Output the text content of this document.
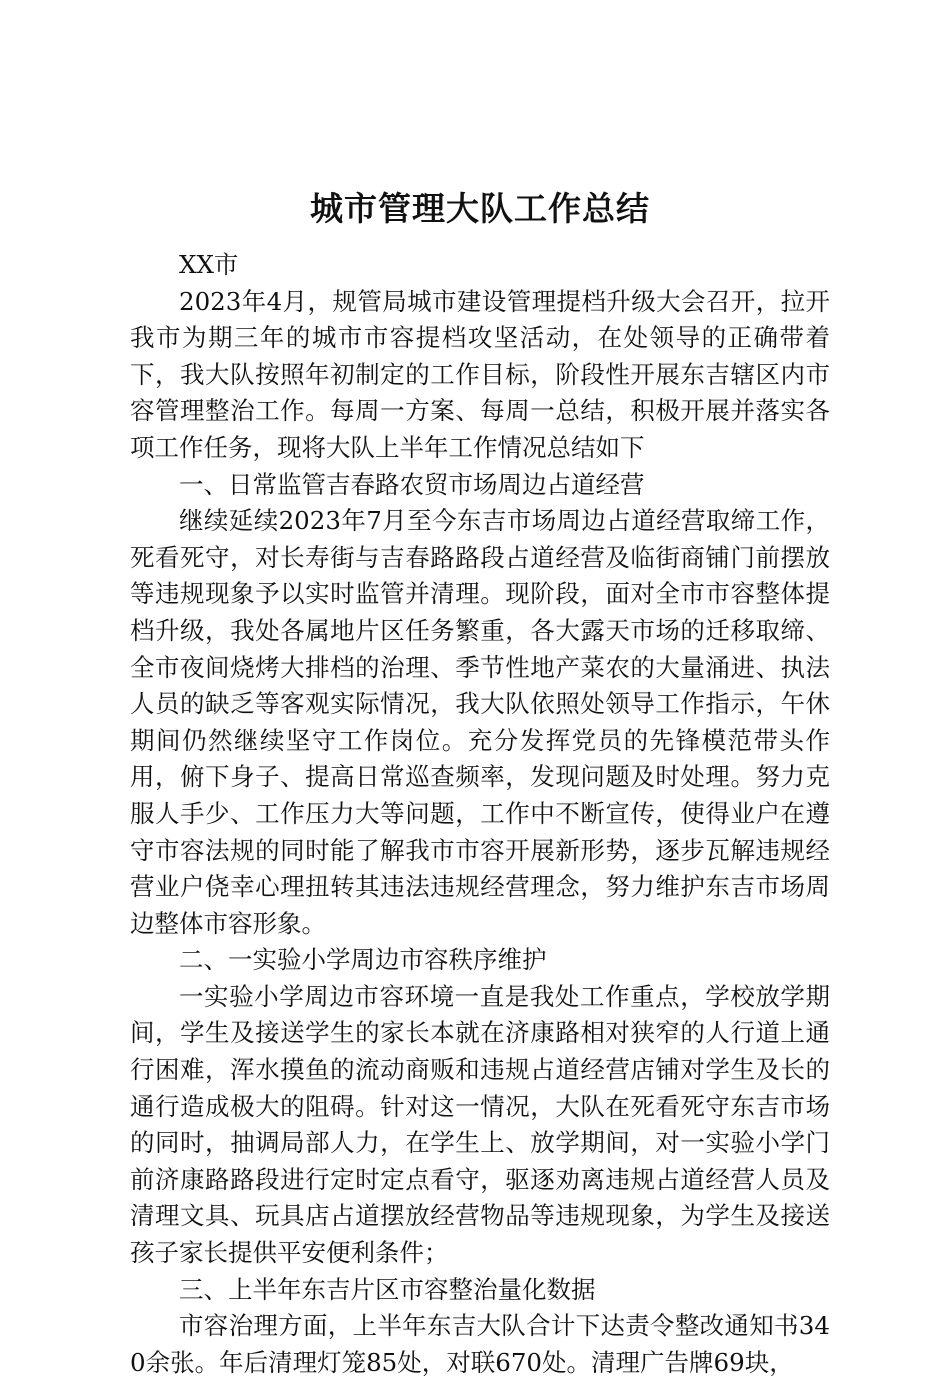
城市管理大队工作总结

XX市

2023年4月，规管局城市建设管理提档升级大会召开，拉开我市为期三年的城市市容提档攻坚活动，在处领导的正确带着下，我大队按照年初制定的工作目标，阶段性开展东吉辖区内市容管理整治工作。每周一方案、每周一总结，积极开展并落实各项工作任务，现将大队上半年工作情况总结如下

一、日常监管吉春路农贸市场周边占道经营

继续延续2023年7月至今东吉市场周边占道经营取缔工作，死看死守，对长寿街与吉春路路段占道经营及临街商铺门前摆放等违规现象予以实时监管并清理。现阶段，面对全市市容整体提档升级，我处各属地片区任务繁重，各大露天市场的迁移取缔、全市夜间烧烤大排档的治理、季节性地产菜农的大量涌进、执法人员的缺乏等客观实际情况，我大队依照处领导工作指示，午休期间仍然继续坚守工作岗位。充分发挥党员的先锋模范带头作用，俯下身子、提高日常巡查频率，发现问题及时处理。努力克服人手少、工作压力大等问题，工作中不断宣传，使得业户在遵守市容法规的同时能了解我市市容开展新形势，逐步瓦解违规经营业户侥幸心理扭转其违法违规经营理念，努力维护东吉市场周边整体市容形象。

二、一实验小学周边市容秩序维护

一实验小学周边市容环境一直是我处工作重点，学校放学期间，学生及接送学生的家长本就在济康路相对狭窄的人行道上通行困难，浑水摸鱼的流动商贩和违规占道经营店铺对学生及长的通行造成极大的阻碍。针对这一情况，大队在死看死守东吉市场的同时，抽调局部人力，在学生上、放学期间，对一实验小学门前济康路路段进行定时定点看守，驱逐劝离违规占道经营人员及清理文具、玩具店占道摆放经营物品等违规现象，为学生及接送孩子家长提供平安便利条件；

三、上半年东吉片区市容整治量化数据

市容治理方面，上半年东吉大队合计下达责令整改通知书340余张。年后清理灯笼85处，对联670处。清理广告牌69块，
